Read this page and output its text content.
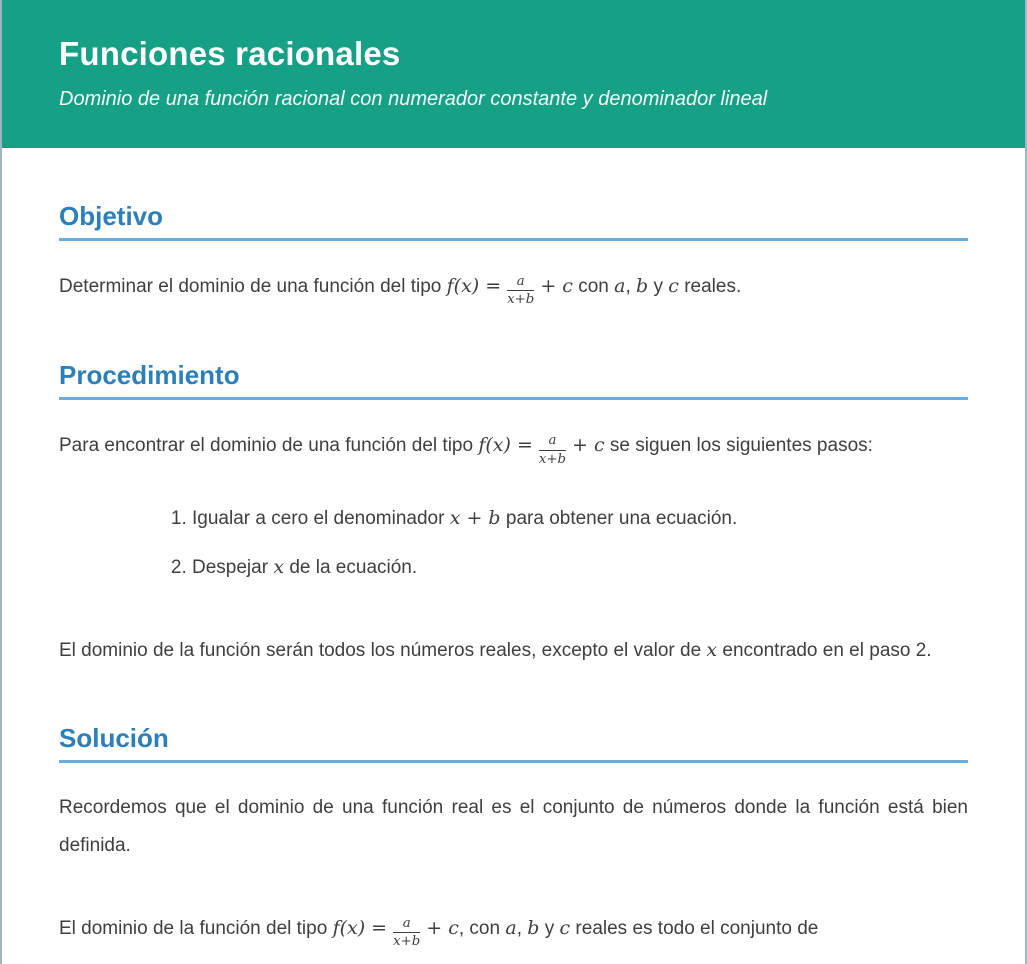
Funciones racionales

Dominio de una función racional con numerador constante y denominador lineal

Objetivo

Determinar el dominio de una función del tipo $f(x) = \frac{a}{x+b} + c$ con a, b y c reales.

Procedimiento

Para encontrar el dominio de una función del tipo $f(x) = \frac{a}{x+b} + c$ se siguen los siguientes pasos:

1. Igualar a cero el denominador x + b para obtener una ecuación.
2. Despejar x de la ecuación.

El dominio de la función serán todos los números reales, excepto el valor de x encontrado en el paso 2.

Solución

Recordemos que el dominio de una función real es el conjunto de números donde la función está bien definida.

El dominio de la función del tipo $f(x) = \frac{a}{x+b} + c$, con a, b y c reales es todo el conjunto de
